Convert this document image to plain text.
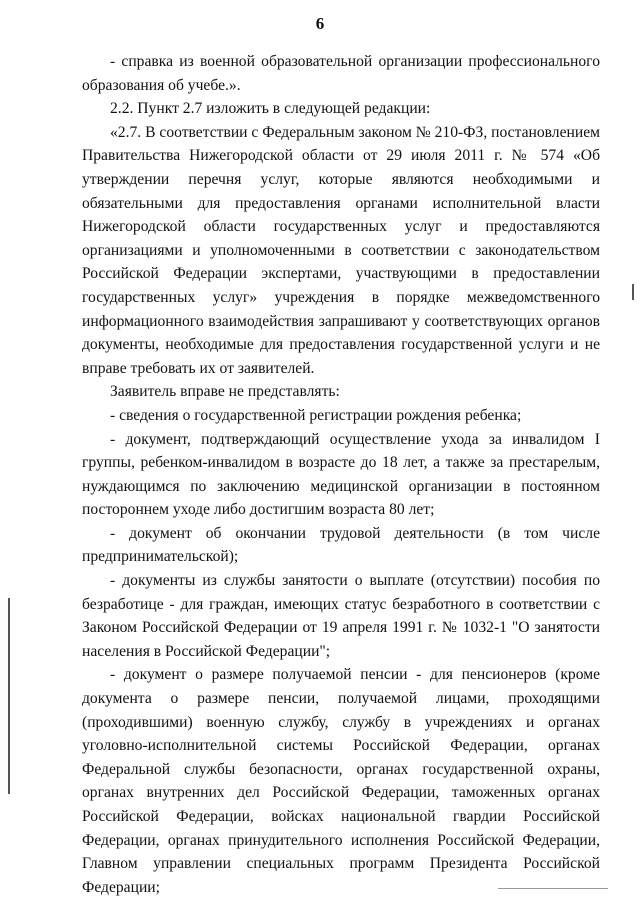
6

- справка из военной образовательной организации профессионального образования об учебе.».

2.2. Пункт 2.7 изложить в следующей редакции:

«2.7. В соответствии с Федеральным законом № 210-ФЗ, постановлением Правительства Нижегородской области от 29 июля 2011 г. № 574 «Об утверждении перечня услуг, которые являются необходимыми и обязательными для предоставления органами исполнительной власти Нижегородской области государственных услуг и предоставляются организациями и уполномоченными в соответствии с законодательством Российской Федерации экспертами, участвующими в предоставлении государственных услуг» учреждения в порядке межведомственного информационного взаимодействия запрашивают у соответствующих органов документы, необходимые для предоставления государственной услуги и не вправе требовать их от заявителей.

Заявитель вправе не представлять:

- сведения о государственной регистрации рождения ребенка;

- документ, подтверждающий осуществление ухода за инвалидом I группы, ребенком-инвалидом в возрасте до 18 лет, а также за престарелым, нуждающимся по заключению медицинской организации в постоянном постороннем уходе либо достигшим возраста 80 лет;

- документ об окончании трудовой деятельности (в том числе предпринимательской);

- документы из службы занятости о выплате (отсутствии) пособия по безработице - для граждан, имеющих статус безработного в соответствии с Законом Российской Федерации от 19 апреля 1991 г. № 1032-1 "О занятости населения в Российской Федерации";

- документ о размере получаемой пенсии - для пенсионеров (кроме документа о размере пенсии, получаемой лицами, проходящими (проходившими) военную службу, службу в учреждениях и органах уголовно-исполнительной системы Российской Федерации, органах Федеральной службы безопасности, органах государственной охраны, органах внутренних дел Российской Федерации, таможенных органах Российской Федерации, войсках национальной гвардии Российской Федерации, органах принудительного исполнения Российской Федерации, Главном управлении специальных программ Президента Российской Федерации;
